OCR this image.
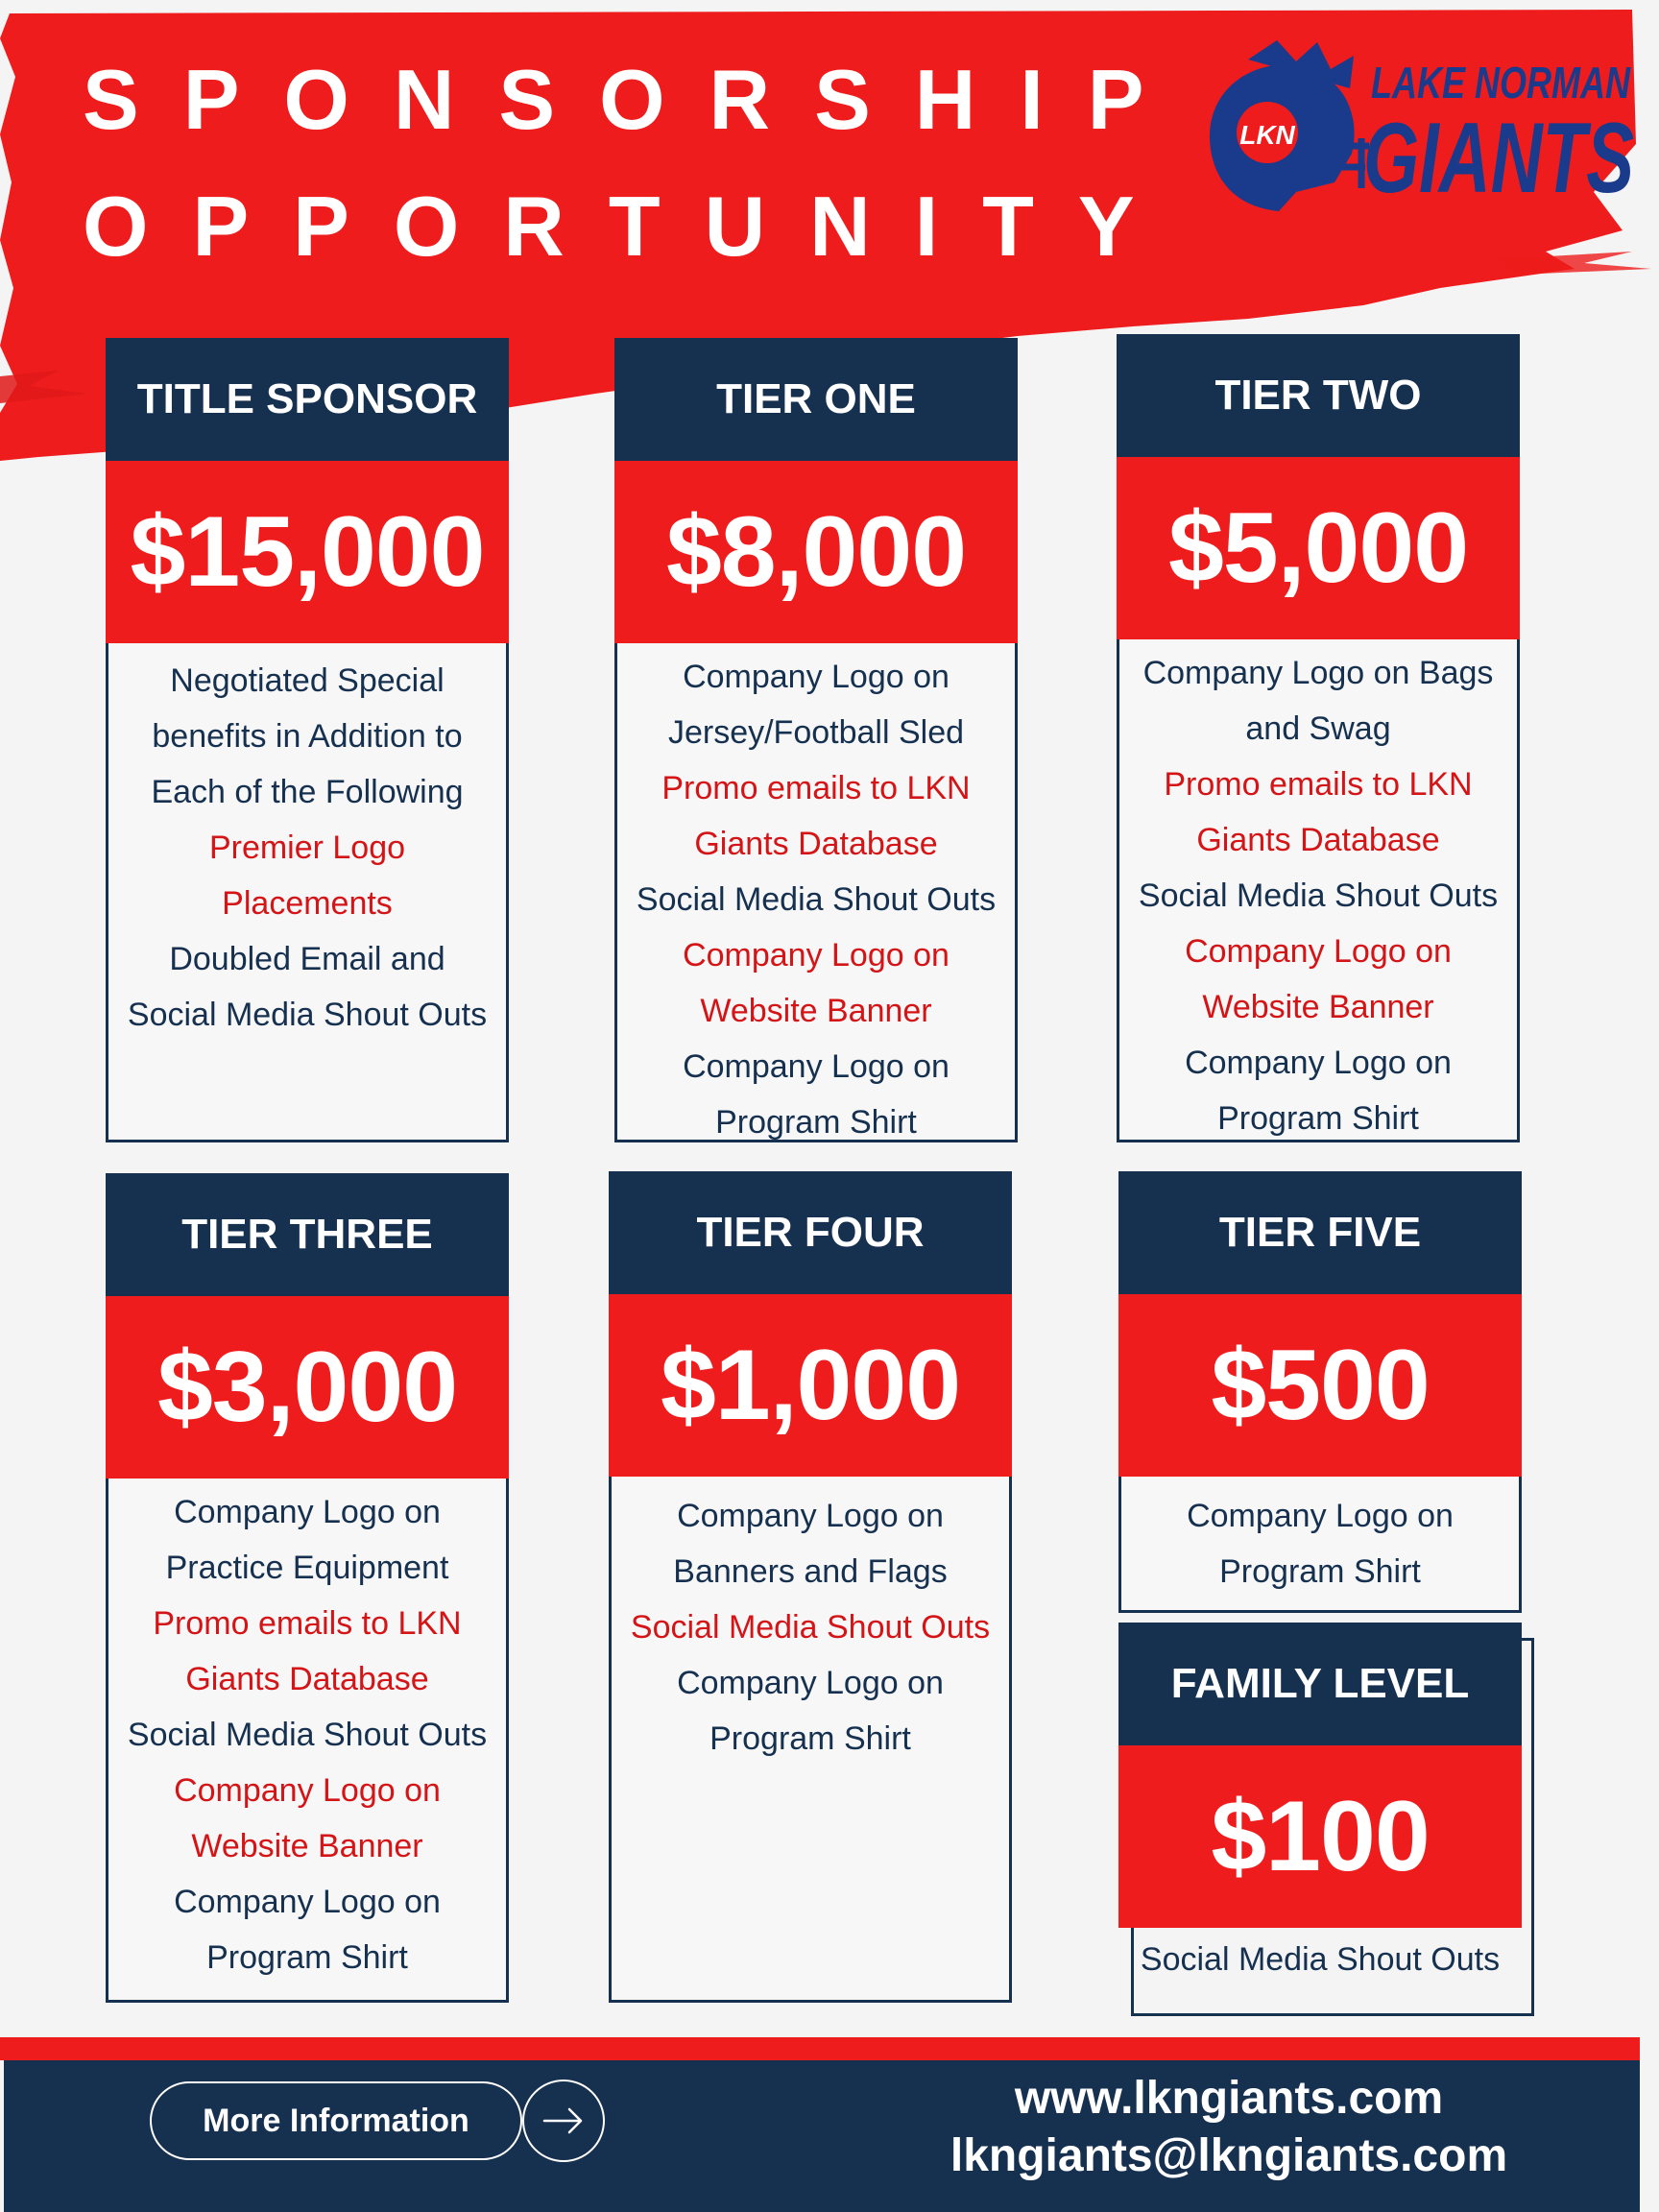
SPONSORSHIP
OPPORTUNITY
LKN
LAKE NORMAN
GIANTS
TITLE SPONSOR
$15,000
Negotiated Special
benefits in Addition to
Each of the Following
Premier Logo
Placements
Doubled Email and
Social Media Shout Outs
TIER ONE
$8,000
Company Logo on
Jersey/Football Sled
Promo emails to LKN
Giants Database
Social Media Shout Outs
Company Logo on
Website Banner
Company Logo on
Program Shirt
TIER TWO
$5,000
Company Logo on Bags
and Swag
Promo emails to LKN
Giants Database
Social Media Shout Outs
Company Logo on
Website Banner
Company Logo on
Program Shirt
TIER THREE
$3,000
Company Logo on
Practice Equipment
Promo emails to LKN
Giants Database
Social Media Shout Outs
Company Logo on
Website Banner
Company Logo on
Program Shirt
TIER FOUR
$1,000
Company Logo on
Banners and Flags
Social Media Shout Outs
Company Logo on
Program Shirt
TIER FIVE
$500
Company Logo on
Program Shirt
FAMILY LEVEL
$100
Social Media Shout Outs
More Information	www.lkngiants.com
lkngiants@lkngiants.com
